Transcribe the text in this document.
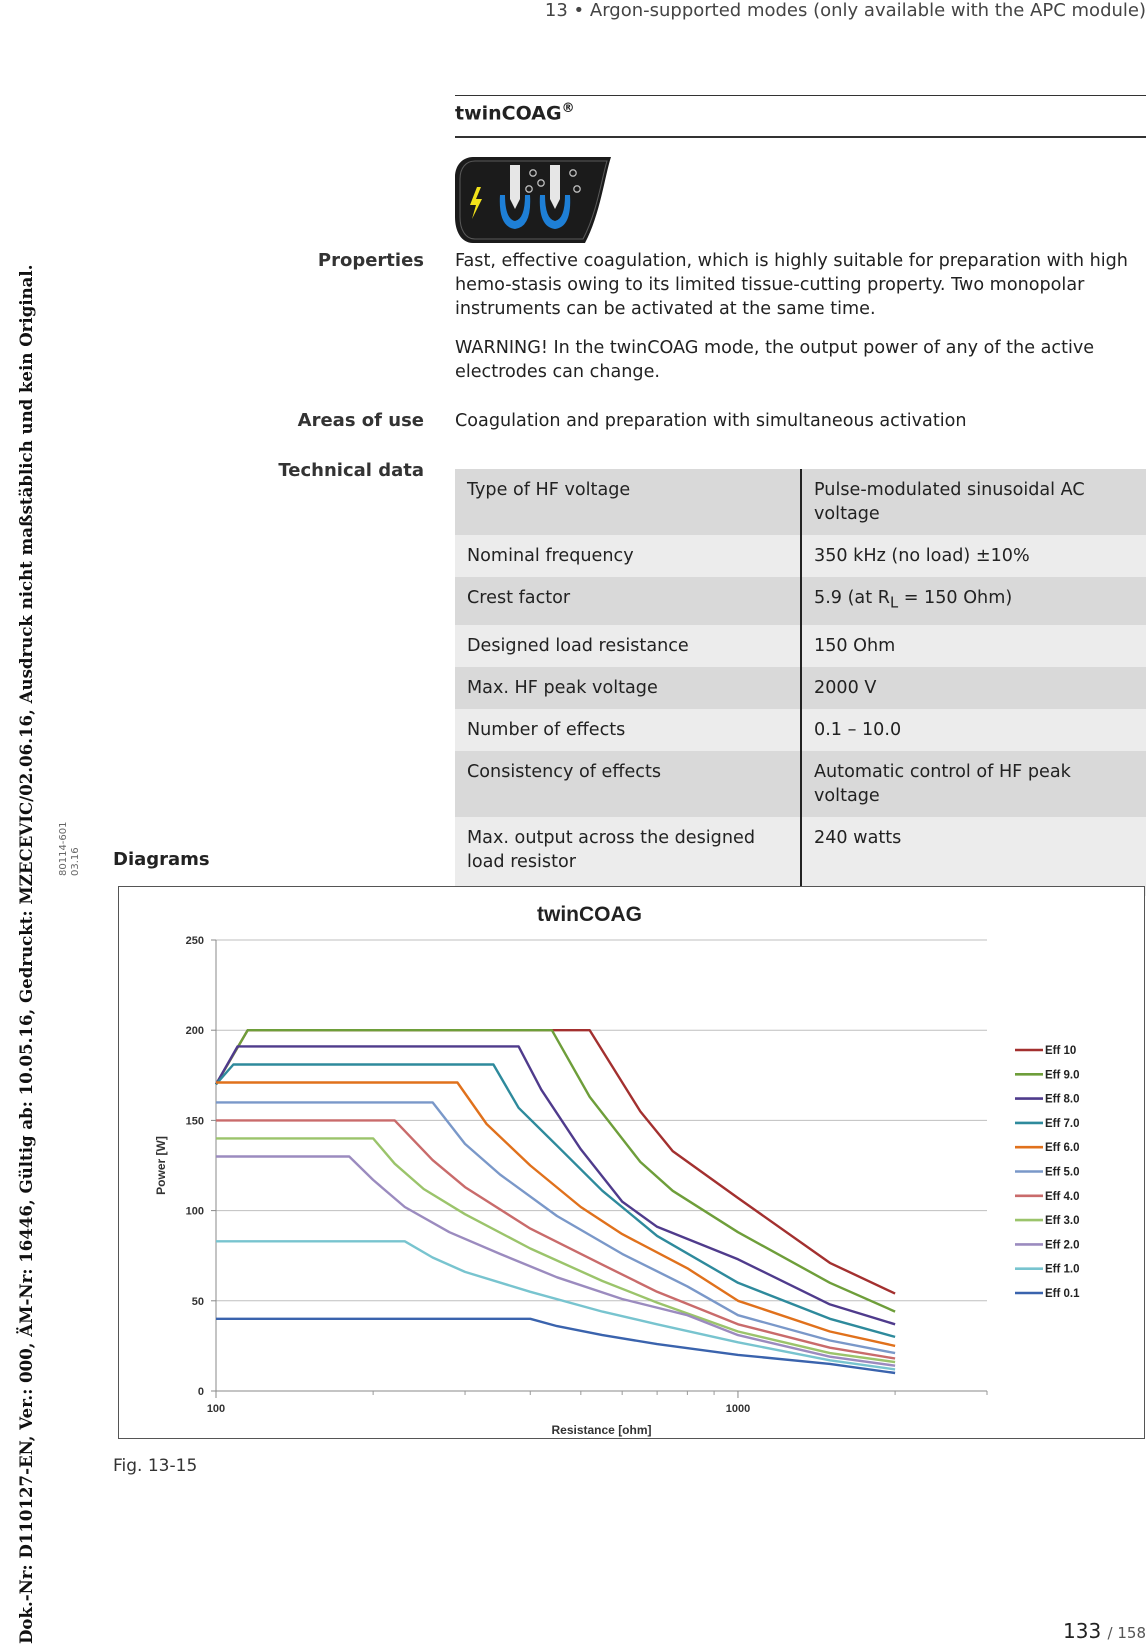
13 • Argon-supported modes (only available with the APC module)
Dok.-Nr: D110127-EN, Ver.: 000, ÄM-Nr: 16446, Gültig ab: 10.05.16, Gedruckt: MZECEVIC/02.06.16, Ausdruck nicht maßstäblich und kein Original. 80114-601 03.16
twinCOAG®
Properties Fast, effective coagulation, which is highly suitable for preparation with high hemo-stasis owing to its limited tissue-cutting property. Two monopolar instruments can be activated at the same time.
WARNING! In the twinCOAG mode, the output power of any of the active electrodes can change.
Areas of use Coagulation and preparation with simultaneous activation
Technical data
Type of HF voltage	Pulse-modulated sinusoidal AC voltage
Nominal frequency	350 kHz (no load) ±10%
Crest factor	5.9 (at $R_L = 150$ Ohm)
Designed load resistance	150 Ohm
Max. HF peak voltage	2000 V
Number of effects	0.1 – 10.0
Consistency of effects	Automatic control of HF peak voltage
Max. output across the designed load resistor	240 watts
Diagrams
twinCOAG
0
50
100
150
200
250
100	1000
Resistance [ohm]
Power [W]
Eff 10
Eff 9.0
Eff 8.0
Eff 7.0
Eff 6.0
Eff 5.0
Eff 4.0
Eff 3.0
Eff 2.0
Eff 1.0
Eff 0.1
Fig. 13-15
133 / 158
